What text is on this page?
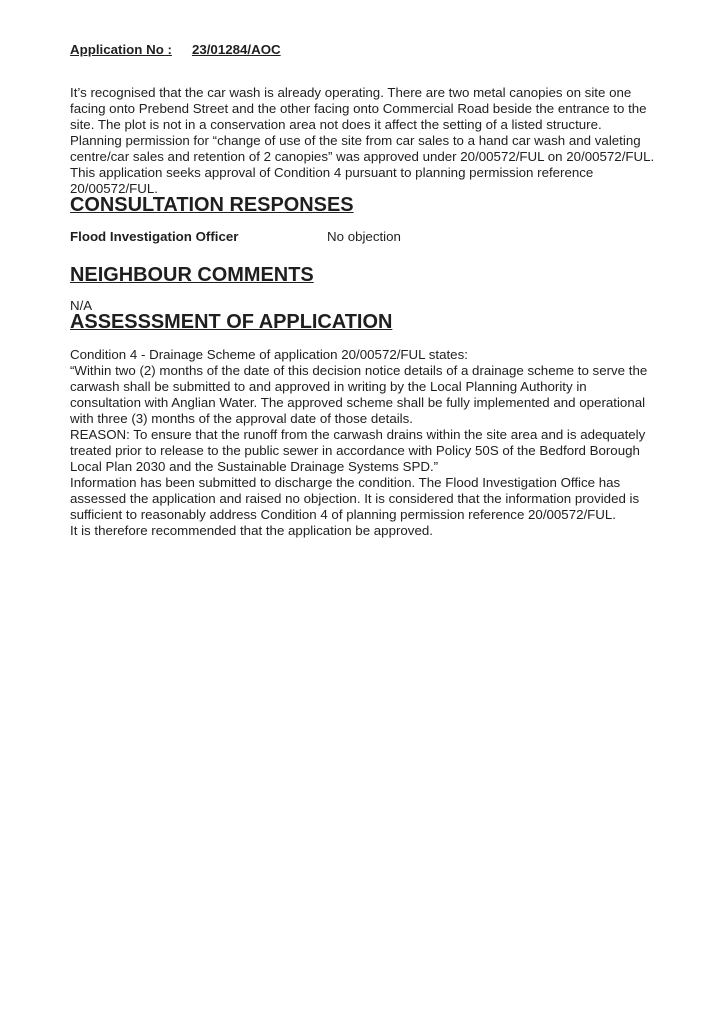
Application No : 23/01284/AOC

It’s recognised that the car wash is already operating. There are two metal canopies on site one facing onto Prebend Street and the other facing onto Commercial Road beside the entrance to the site. The plot is not in a conservation area not does it affect the setting of a listed structure.

Planning permission for “change of use of the site from car sales to a hand car wash and valeting centre/car sales and retention of 2 canopies” was approved under 20/00572/FUL on 20/00572/FUL.

This application seeks approval of Condition 4 pursuant to planning permission reference 20/00572/FUL.

CONSULTATION RESPONSES
Flood Investigation Officer	No objection
NEIGHBOUR COMMENTS

N/A

ASSESSSMENT OF APPLICATION

Condition 4 - Drainage Scheme of application 20/00572/FUL states:

“Within two (2) months of the date of this decision notice details of a drainage scheme to serve the carwash shall be submitted to and approved in writing by the Local Planning Authority in consultation with Anglian Water. The approved scheme shall be fully implemented and operational with three (3) months of the approval date of those details.

REASON: To ensure that the runoff from the carwash drains within the site area and is adequately treated prior to release to the public sewer in accordance with Policy 50S of the Bedford Borough Local Plan 2030 and the Sustainable Drainage Systems SPD.”

Information has been submitted to discharge the condition. The Flood Investigation Office has assessed the application and raised no objection. It is considered that the information provided is sufficient to reasonably address Condition 4 of planning permission reference 20/00572/FUL.

It is therefore recommended that the application be approved.
